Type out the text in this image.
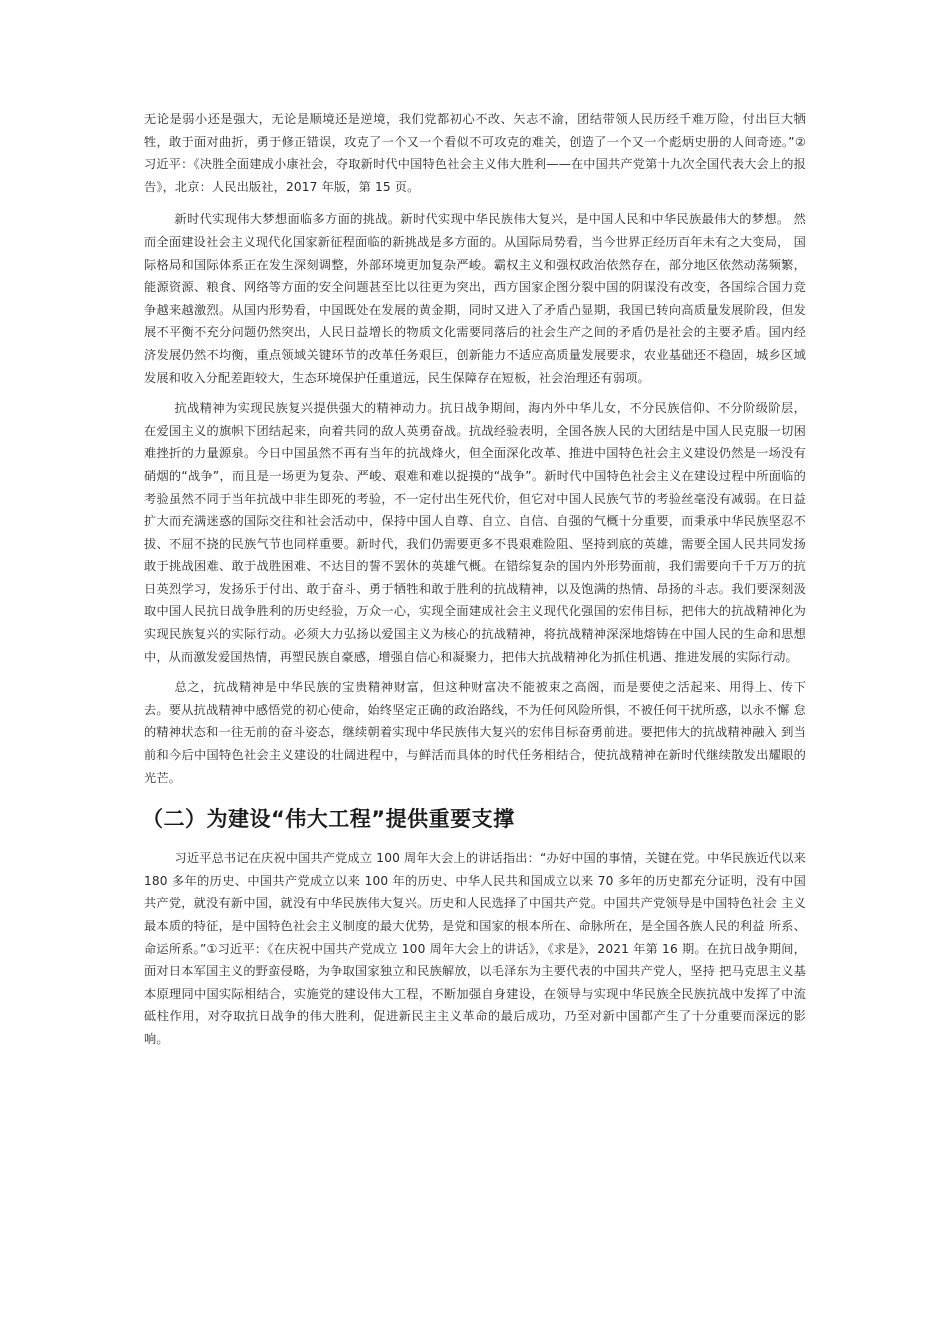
无论是弱小还是强大，无论是顺境还是逆境，我们党都初心不改、矢志不渝，团结带领人民历经千难万险，付出巨大牺 牲，敢于面对曲折，勇于修正错误，攻克了一个又一个看似不可攻克的难关，创造了一个又一个彪炳史册的人间奇迹。”② 习近平：《决胜全面建成小康社会，夺取新时代中国特色社会主义伟大胜利——在中国共产党第十九次全国代表大会上的报告》，北京：人民出版社，2017 年版，第 15 页。

新时代实现伟大梦想面临多方面的挑战。新时代实现中华民族伟大复兴，是中国人民和中华民族最伟大的梦想。 然而全面建设社会主义现代化国家新征程面临的新挑战是多方面的。从国际局势看，当今世界正经历百年未有之大变局， 国际格局和国际体系正在发生深刻调整，外部环境更加复杂严峻。霸权主义和强权政治依然存在，部分地区依然动荡频繁，能源资源、粮食、网络等方面的安全问题甚至比以往更为突出，西方国家企图分裂中国的阴谋没有改变，各国综合国力竞争越来越激烈。从国内形势看，中国既处在发展的黄金期，同时又进入了矛盾凸显期，我国已转向高质量发展阶段，但发展不平衡不充分问题仍然突出，人民日益增长的物质文化需要同落后的社会生产之间的矛盾仍是社会的主要矛盾。国内经济发展仍然不均衡，重点领域关键环节的改革任务艰巨，创新能力不适应高质量发展要求，农业基础还不稳固，城乡区域发展和收入分配差距较大，生态环境保护任重道远，民生保障存在短板，社会治理还有弱项。

抗战精神为实现民族复兴提供强大的精神动力。抗日战争期间，海内外中华儿女，不分民族信仰、不分阶级阶层， 在爱国主义的旗帜下团结起来，向着共同的敌人英勇奋战。抗战经验表明，全国各族人民的大团结是中国人民克服一切困难挫折的力量源泉。今日中国虽然不再有当年的抗战烽火，但全面深化改革、推进中国特色社会主义建设仍然是一场没有硝烟的“战争”，而且是一场更为复杂、严峻、艰难和难以捉摸的“战争”。新时代中国特色社会主义在建设过程中所面临的考验虽然不同于当年抗战中非生即死的考验，不一定付出生死代价，但它对中国人民族气节的考验丝毫没有减弱。在日益扩大而充满迷惑的国际交往和社会活动中，保持中国人自尊、自立、自信、自强的气概十分重要，而秉承中华民族坚忍不拔、不屈不挠的民族气节也同样重要。新时代，我们仍需要更多不畏艰难险阻、坚持到底的英雄，需要全国人民共同发扬敢于挑战困难、敢于战胜困难、不达目的誓不罢休的英雄气概。在错综复杂的国内外形势面前，我们需要向千千万万的抗日英烈学习，发扬乐于付出、敢于奋斗、勇于牺牲和敢于胜利的抗战精神，以及饱满的热情、昂扬的斗志。我们要深刻汲取中国人民抗日战争胜利的历史经验，万众一心，实现全面建成社会主义现代化强国的宏伟目标，把伟大的抗战精神化为实现民族复兴的实际行动。必须大力弘扬以爱国主义为核心的抗战精神，将抗战精神深深地熔铸在中国人民的生命和思想中，从而激发爱国热情，再塑民族自豪感，增强自信心和凝聚力，把伟大抗战精神化为抓住机遇、推进发展的实际行动。

总之，抗战精神是中华民族的宝贵精神财富，但这种财富决不能被束之高阁，而是要使之活起来、用得上、传下 去。要从抗战精神中感悟党的初心使命，始终坚定正确的政治路线，不为任何风险所惧，不被任何干扰所惑，以永不懈 怠的精神状态和一往无前的奋斗姿态，继续朝着实现中华民族伟大复兴的宏伟目标奋勇前进。要把伟大的抗战精神融入 到当前和今后中国特色社会主义建设的壮阔进程中，与鲜活而具体的时代任务相结合，使抗战精神在新时代继续散发出耀眼的光芒。

（二）为建设“伟大工程”提供重要支撑

习近平总书记在庆祝中国共产党成立 100 周年大会上的讲话指出：“办好中国的事情，关键在党。中华民族近代以来 180 多年的历史、中国共产党成立以来 100 年的历史、中华人民共和国成立以来 70 多年的历史都充分证明，没有中国共产党，就没有新中国，就没有中华民族伟大复兴。历史和人民选择了中国共产党。中国共产党领导是中国特色社会 主义最本质的特征，是中国特色社会主义制度的最大优势，是党和国家的根本所在、命脉所在，是全国各族人民的利益 所系、命运所系。”①习近平：《在庆祝中国共产党成立 100 周年大会上的讲话》，《求是》，2021 年第 16 期。在抗日战争期间，面对日本军国主义的野蛮侵略，为争取国家独立和民族解放，以毛泽东为主要代表的中国共产党人，坚持 把马克思主义基本原理同中国实际相结合，实施党的建设伟大工程，不断加强自身建设，在领导与实现中华民族全民族抗战中发挥了中流砥柱作用，对夺取抗日战争的伟大胜利，促进新民主主义革命的最后成功，乃至对新中国都产生了十分重要而深远的影响。
